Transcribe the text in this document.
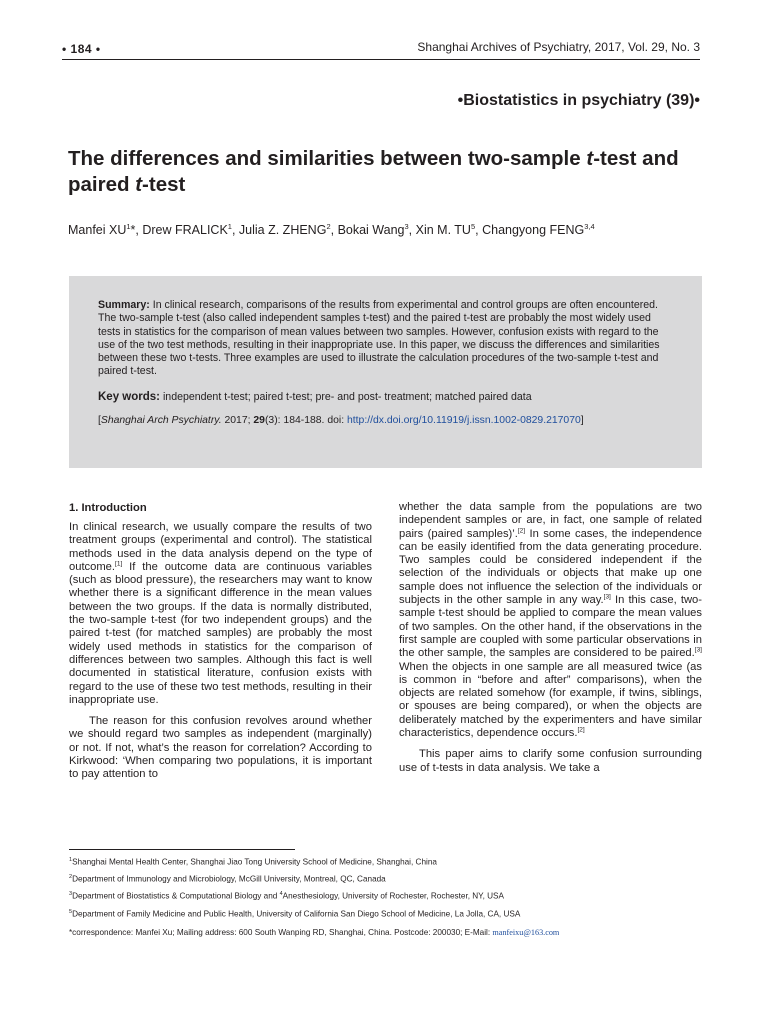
• 184 •	Shanghai Archives of Psychiatry, 2017, Vol. 29, No. 3
•Biostatistics in psychiatry (39)•
The differences and similarities between two-sample t-test and paired t-test
Manfei $XU^1*$, Drew FRALICK$^1$, Julia Z. ZHENG$^2$, Bokai Wang$^3$, Xin M. $TU^5$, Changyong FENG$^{3,4}$

Summary: In clinical research, comparisons of the results from experimental and control groups are often encountered. The two-sample t-test (also called independent samples t-test) and the paired t-test are probably the most widely used tests in statistics for the comparison of mean values between two samples. However, confusion exists with regard to the use of the two test methods, resulting in their inappropriate use. In this paper, we discuss the differences and similarities between these two t-tests. Three examples are used to illustrate the calculation procedures of the two-sample t-test and paired t-test.

Key words: independent t-test; paired t-test; pre- and post- treatment; matched paired data

[Shanghai Arch Psychiatry. 2017; 29(3): 184-188. doi: http://dx.doi.org/10.11919/j.issn.1002-0829.217070]

1. Introduction

In clinical research, we usually compare the results of two treatment groups (experimental and control). The statistical methods used in the data analysis depend on the type of outcome.[1] If the outcome data are continuous variables (such as blood pressure), the researchers may want to know whether there is a significant difference in the mean values between the two groups. If the data is normally distributed, the two-sample t-test (for two independent groups) and the paired t-test (for matched samples) are probably the most widely used methods in statistics for the comparison of differences between two samples. Although this fact is well documented in statistical literature, confusion exists with regard to the use of these two test methods, resulting in their inappropriate use.

The reason for this confusion revolves around whether we should regard two samples as independent (marginally) or not. If not, what’s the reason for correlation? According to Kirkwood: ‘When comparing two populations, it is important to pay attention to

whether the data sample from the populations are two independent samples or are, in fact, one sample of related pairs (paired samples)’.[2] In some cases, the independence can be easily identified from the data generating procedure. Two samples could be considered independent if the selection of the individuals or objects that make up one sample does not influence the selection of the individuals or subjects in the other sample in any way.[3] In this case, two-sample t-test should be applied to compare the mean values of two samples. On the other hand, if the observations in the first sample are coupled with some particular observations in the other sample, the samples are considered to be paired.[3] When the objects in one sample are all measured twice (as is common in “before and after” comparisons), when the objects are related somehow (for example, if twins, siblings, or spouses are being compared), or when the objects are deliberately matched by the experimenters and have similar characteristics, dependence occurs.[2]

This paper aims to clarify some confusion surrounding use of t-tests in data analysis. We take a

$^1$Shanghai Mental Health Center, Shanghai Jiao Tong University School of Medicine, Shanghai, China
$^2$Department of Immunology and Microbiology, McGill University, Montreal, QC, Canada
$^3$Department of Biostatistics & Computational Biology and $^4$Anesthesiology, University of Rochester, Rochester, NY, USA
$^5$Department of Family Medicine and Public Health, University of California San Diego School of Medicine, La Jolla, CA, USA
*correspondence: Manfei Xu; Mailing address: 600 South Wanping RD, Shanghai, China. Postcode: 200030; E-Mail: manfeixu@163.com
